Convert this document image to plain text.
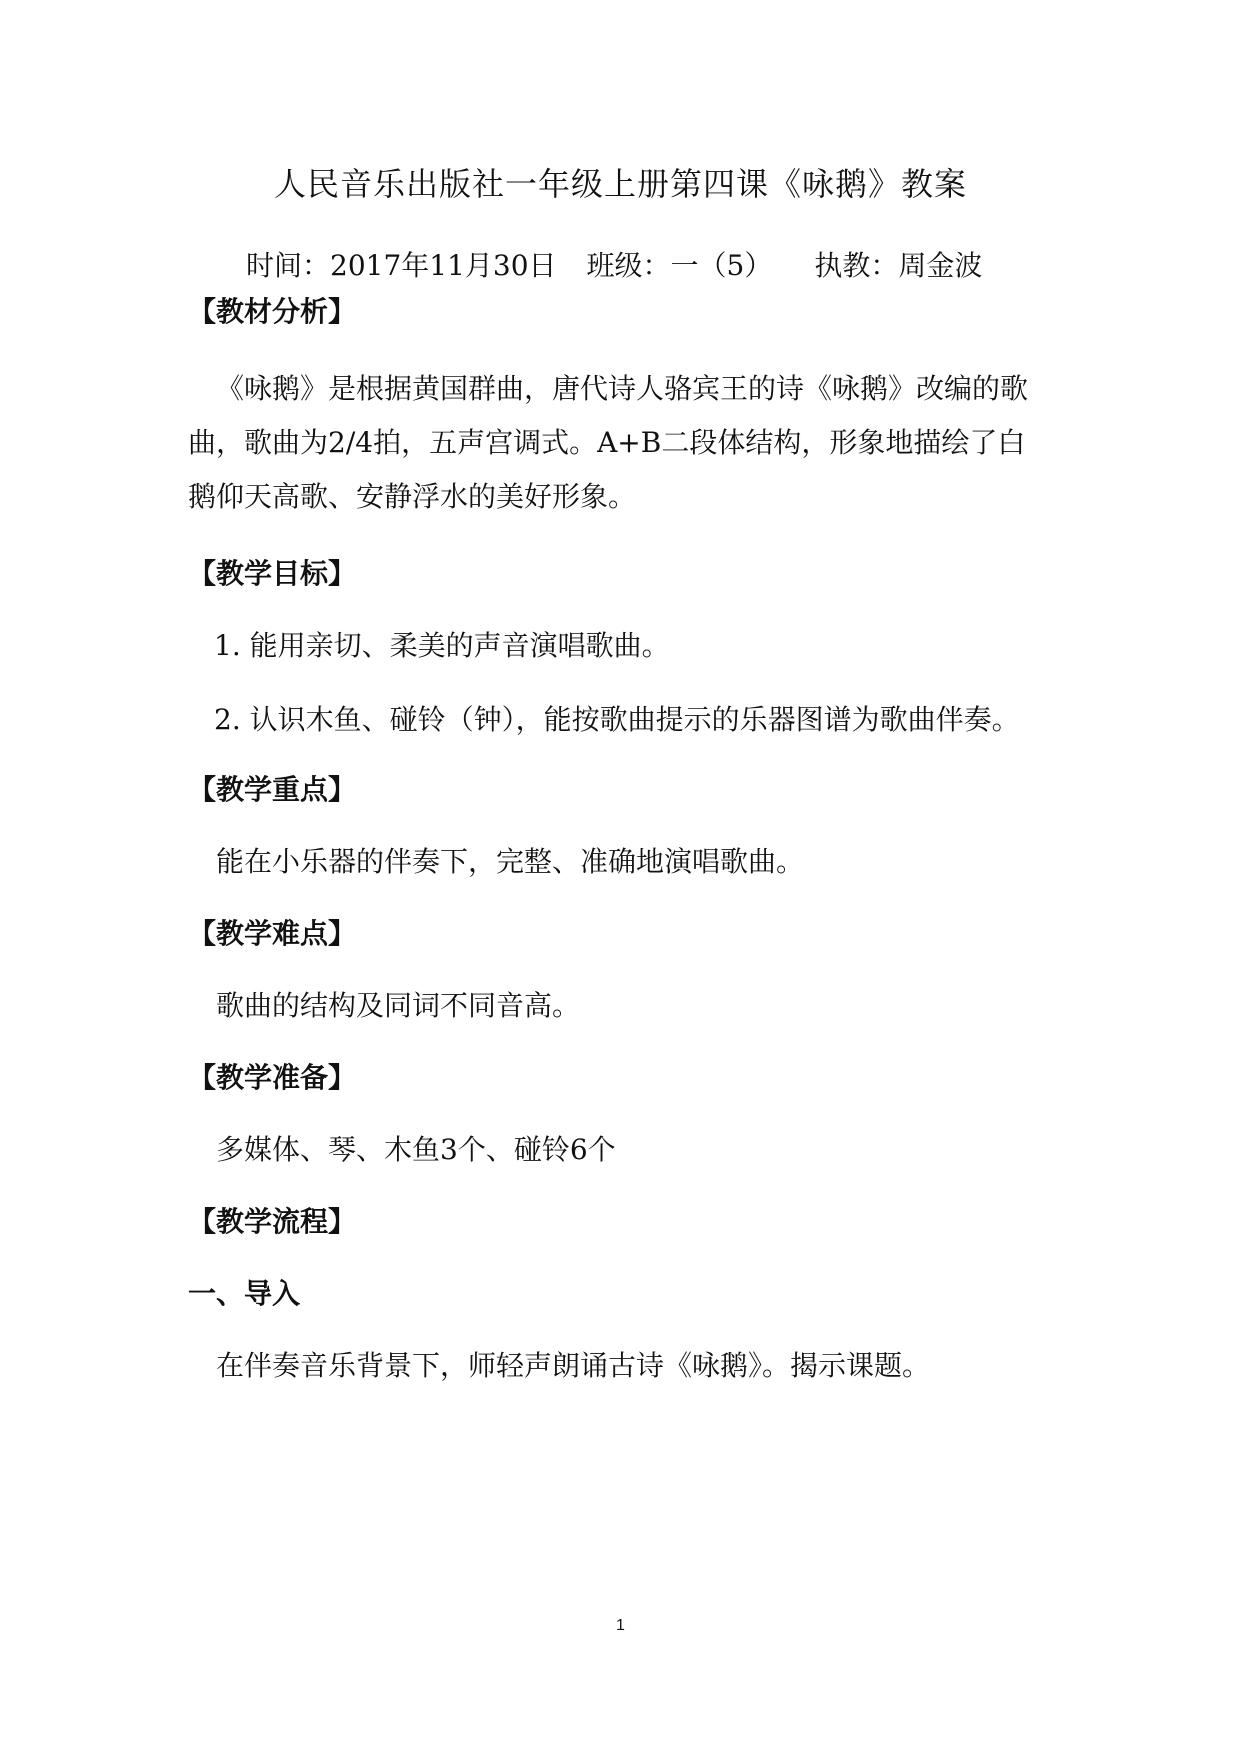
人民音乐出版社一年级上册第四课《咏鹅》教案
时间：2017年11月30日 班级：一（5） 执教：周金波
【教材分析】
《咏鹅》是根据黄国群曲，唐代诗人骆宾王的诗《咏鹅》改编的歌
曲，歌曲为2/4拍，五声宫调式。A+B二段体结构，形象地描绘了白
鹅仰天高歌、安静浮水的美好形象。
【教学目标】
1. 能用亲切、柔美的声音演唱歌曲。
2. 认识木鱼、碰铃（钟），能按歌曲提示的乐器图谱为歌曲伴奏。
【教学重点】
能在小乐器的伴奏下，完整、准确地演唱歌曲。
【教学难点】
歌曲的结构及同词不同音高。
【教学准备】
多媒体、琴、木鱼3个、碰铃6个
【教学流程】
一、导入
在伴奏音乐背景下，师轻声朗诵古诗《咏鹅》。揭示课题。
1
